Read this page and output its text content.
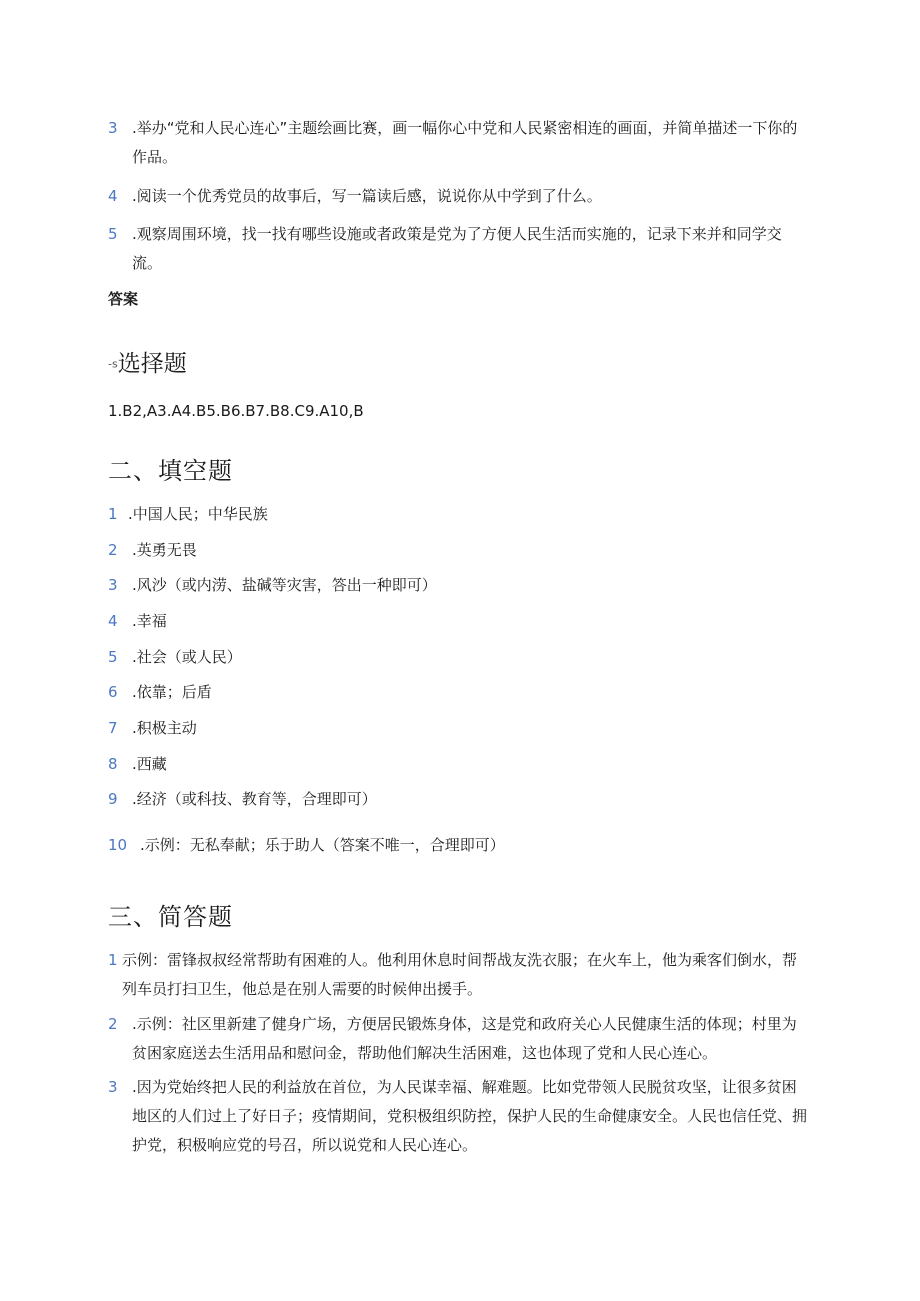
3 .举办“党和人民心连心”主题绘画比赛，画一幅你心中党和人民紧密相连的画面，并简单描述一下你的作品。
4 .阅读一个优秀党员的故事后，写一篇读后感，说说你从中学到了什么。
5 .观察周围环境，找一找有哪些设施或者政策是党为了方便人民生活而实施的，记录下来并和同学交流。
答案
-s选择题
1.B2,A3.A4.B5.B6.B7.B8.C9.A10,B
二、填空题
1 .中国人民；中华民族
2 .英勇无畏
3 .风沙（或内涝、盐碱等灾害，答出一种即可）
4 .幸福
5 .社会（或人民）
6 .依靠；后盾
7 .积极主动
8 .西藏
9 .经济（或科技、教育等，合理即可）
10 .示例：无私奉献；乐于助人（答案不唯一，合理即可）
三、简答题
1 示例：雷锋叔叔经常帮助有困难的人。他利用休息时间帮战友洗衣服；在火车上，他为乘客们倒水，帮列车员打扫卫生，他总是在别人需要的时候伸出援手。
2 .示例：社区里新建了健身广场，方便居民锻炼身体，这是党和政府关心人民健康生活的体现；村里为贫困家庭送去生活用品和慰问金，帮助他们解决生活困难，这也体现了党和人民心连心。
3 .因为党始终把人民的利益放在首位，为人民谋幸福、解难题。比如党带领人民脱贫攻坚，让很多贫困地区的人们过上了好日子；疫情期间，党积极组织防控，保护人民的生命健康安全。人民也信任党、拥护党，积极响应党的号召，所以说党和人民心连心。
